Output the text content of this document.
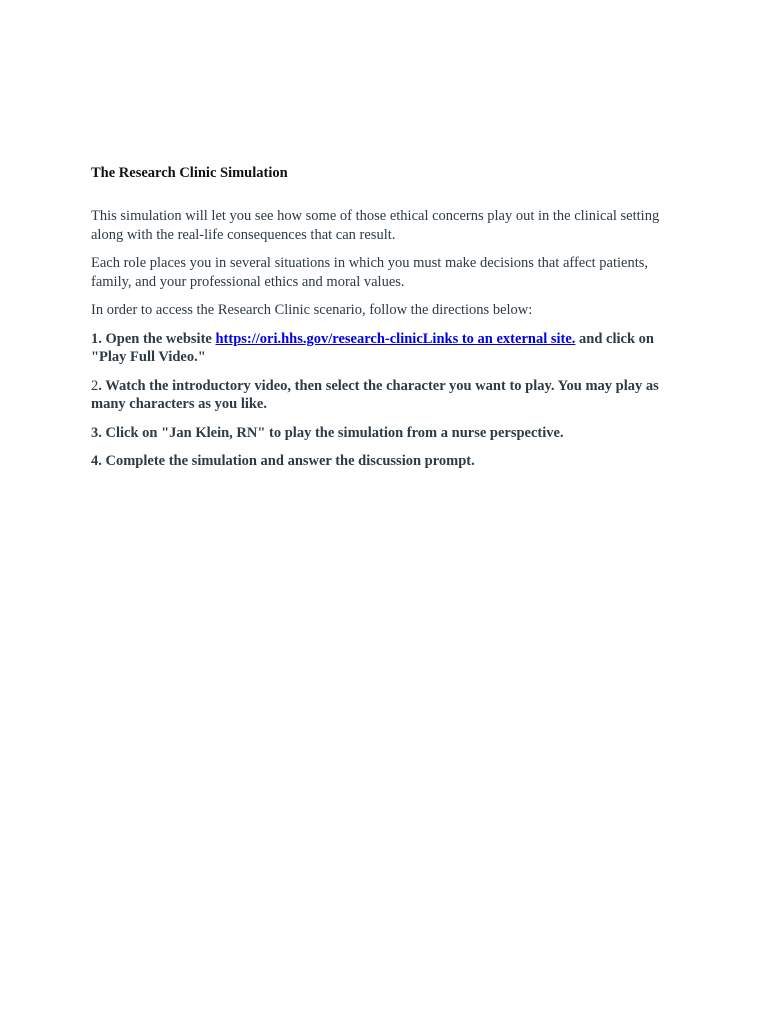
The Research Clinic Simulation

This simulation will let you see how some of those ethical concerns play out in the clinical setting along with the real-life consequences that can result.

Each role places you in several situations in which you must make decisions that affect patients, family, and your professional ethics and moral values.

In order to access the Research Clinic scenario, follow the directions below:

1. Open the website https://ori.hhs.gov/research-clinicLinks to an external site. and click on "Play Full Video."

2. Watch the introductory video, then select the character you want to play. You may play as many characters as you like.

3. Click on "Jan Klein, RN" to play the simulation from a nurse perspective.

4. Complete the simulation and answer the discussion prompt.
